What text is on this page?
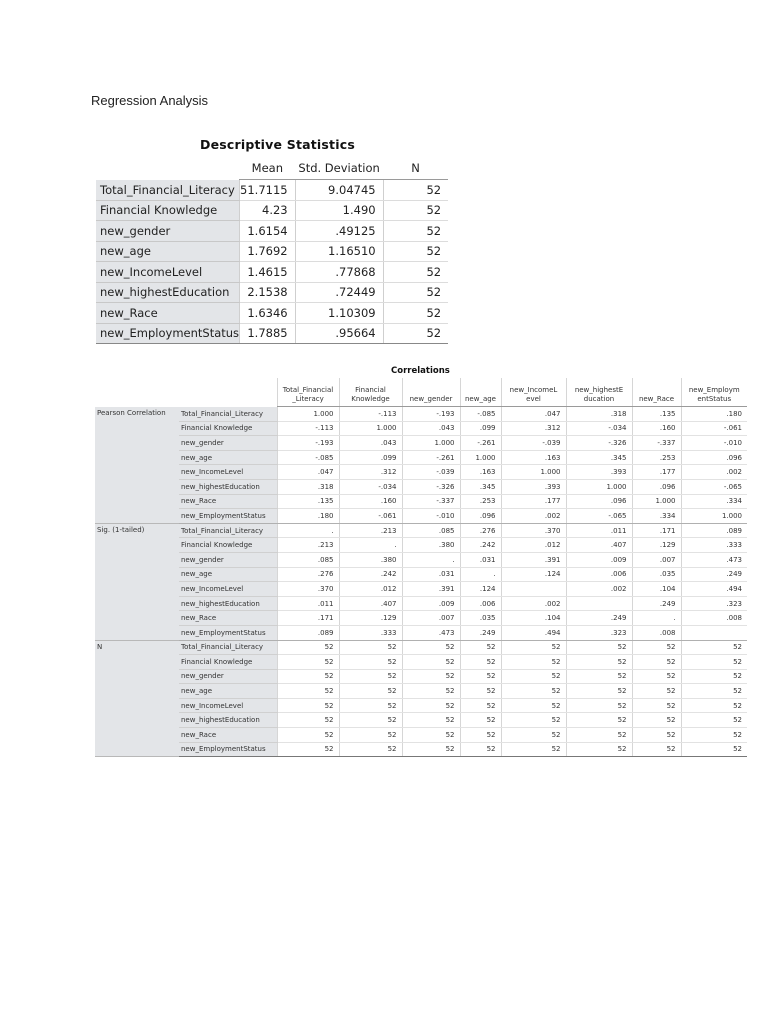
Regression Analysis
Descriptive Statistics
	Mean	Std. Deviation	N
Total_Financial_Literacy	51.7115	9.04745	52
Financial Knowledge	4.23	1.490	52
new_gender	1.6154	.49125	52
new_age	1.7692	1.16510	52
new_IncomeLevel	1.4615	.77868	52
new_highestEducation	2.1538	.72449	52
new_Race	1.6346	1.10309	52
new_EmploymentStatus	1.7885	.95664	52
Correlations
		Total_Financial _Literacy	Financial Knowledge	new_gender	new_age	new_IncomeL evel	new_highestE ducation	new_Race	new_Employm entStatus
Pearson Correlation	Total_Financial_Literacy	1.000	-.113	-.193	-.085	.047	.318	.135	.180
	Financial Knowledge	-.113	1.000	.043	.099	.312	-.034	.160	-.061
	new_gender	-.193	.043	1.000	-.261	-.039	-.326	-.337	-.010
	new_age	-.085	.099	-.261	1.000	.163	.345	.253	.096
	new_IncomeLevel	.047	.312	-.039	.163	1.000	.393	.177	.002
	new_highestEducation	.318	-.034	-.326	.345	.393	1.000	.096	-.065
	new_Race	.135	.160	-.337	.253	.177	.096	1.000	.334
	new_EmploymentStatus	.180	-.061	-.010	.096	.002	-.065	.334	1.000
Sig. (1-tailed)	Total_Financial_Literacy	.	.213	.085	.276	.370	.011	.171	.089
	Financial Knowledge	.213	.	.380	.242	.012	.407	.129	.333
	new_gender	.085	.380	.	.031	.391	.009	.007	.473
	new_age	.276	.242	.031	.	.124	.006	.035	.249
	new_IncomeLevel	.370	.012	.391	.124		.002	.104	.494
	new_highestEducation	.011	.407	.009	.006	.002		.249	.323
	new_Race	.171	.129	.007	.035	.104	.249	.	.008
	new_EmploymentStatus	.089	.333	.473	.249	.494	.323	.008	
N	Total_Financial_Literacy	52	52	52	52	52	52	52	52
	Financial Knowledge	52	52	52	52	52	52	52	52
	new_gender	52	52	52	52	52	52	52	52
	new_age	52	52	52	52	52	52	52	52
	new_IncomeLevel	52	52	52	52	52	52	52	52
	new_highestEducation	52	52	52	52	52	52	52	52
	new_Race	52	52	52	52	52	52	52	52
	new_EmploymentStatus	52	52	52	52	52	52	52	52
